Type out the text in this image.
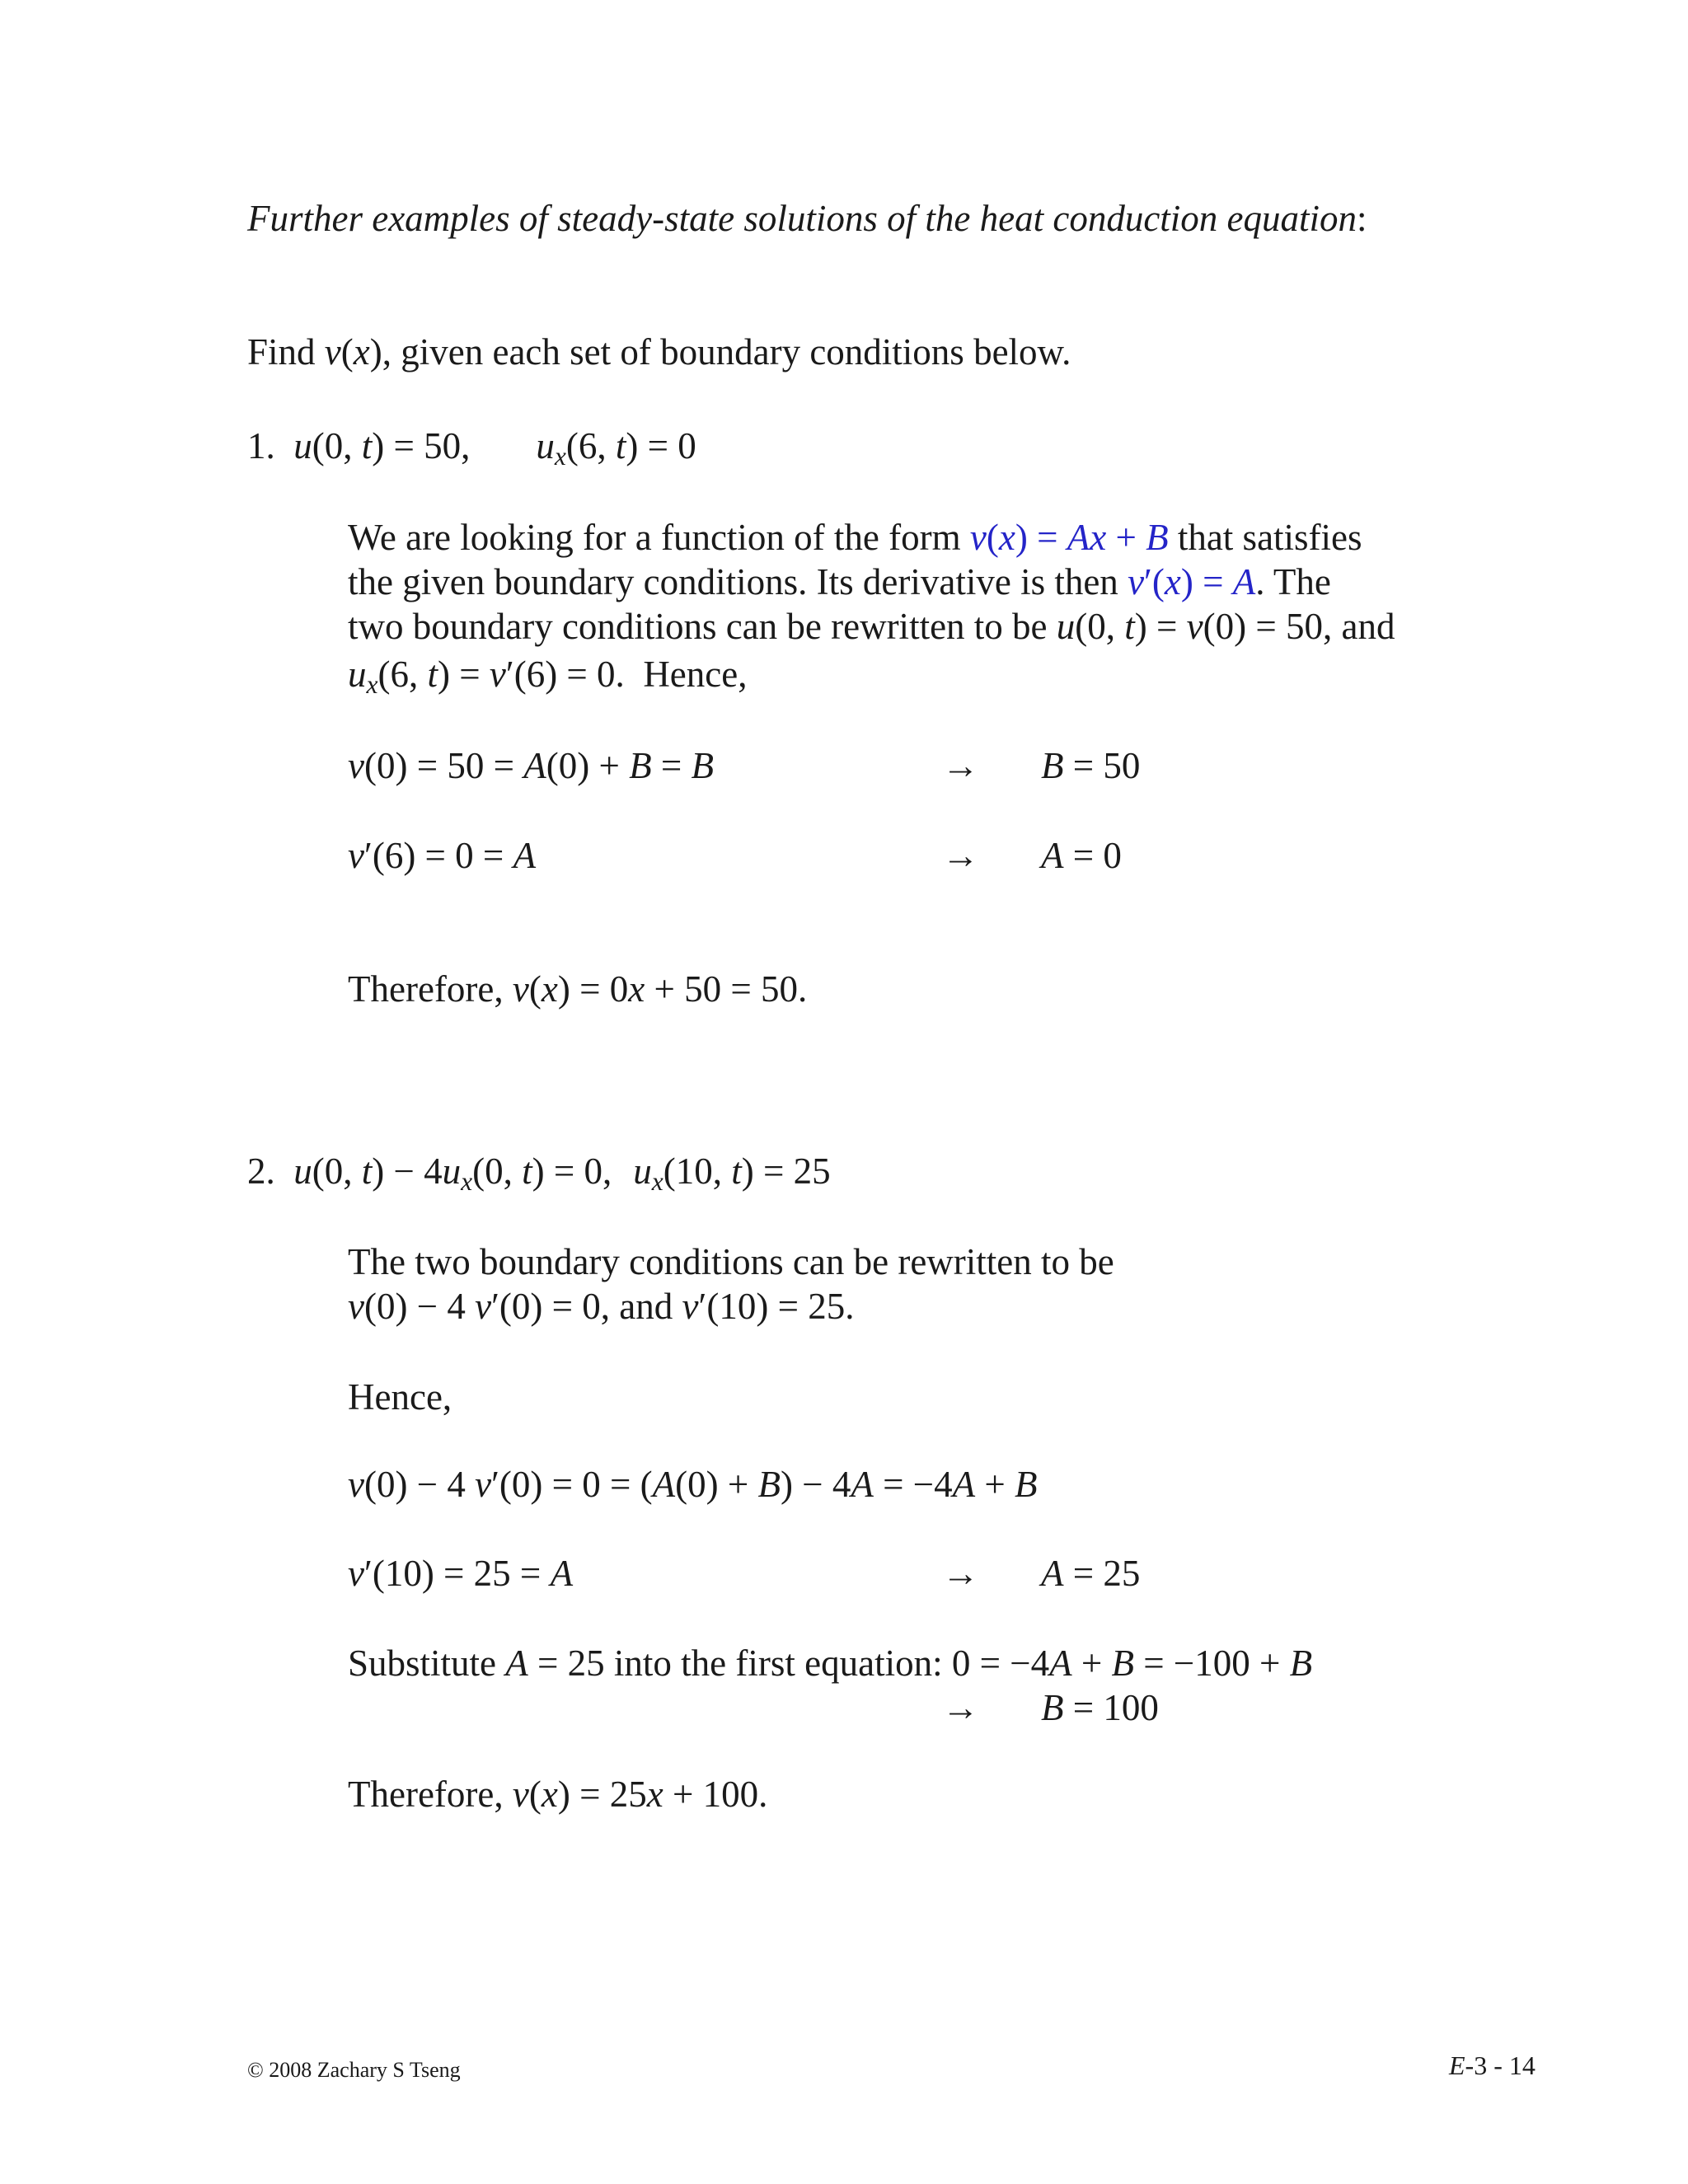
Further examples of steady-state solutions of the heat conduction equation:
Find v(x), given each set of boundary conditions below.
1. u(0, t) = 50, $u_x(6$, t) = 0
We are looking for a function of the form v(x) = Ax + B that satisfies
the given boundary conditions. Its derivative is then v′(x) = A. The
two boundary conditions can be rewritten to be u(0, t) = v(0) = 50, and
$u_x(6$, t) = v′(6) = 0.  Hence,
v(0) = 50 = A(0) + B = B	→ B = 50
v′(6) = 0 = A	→ A = 0
Therefore, v(x) = 0x + 50 = 50.
2. u(0, $t) - 4u_x(0$, t) = 0, $u_x(10$, t) = 25
The two boundary conditions can be rewritten to be
v(0) − 4 v′(0) = 0, and v′(10) = 25.
Hence,
v(0) − 4 v′(0) = 0 = (A(0) + B) − 4A = −4A + B
v′(10) = 25 = A	→ A = 25
Substitute A = 25 into the first equation: 0 = −4A + B = −100 + B
→ B = 100
Therefore, v(x) = 25x + 100.
© 2008 Zachary S Tseng	E-3 - 14
